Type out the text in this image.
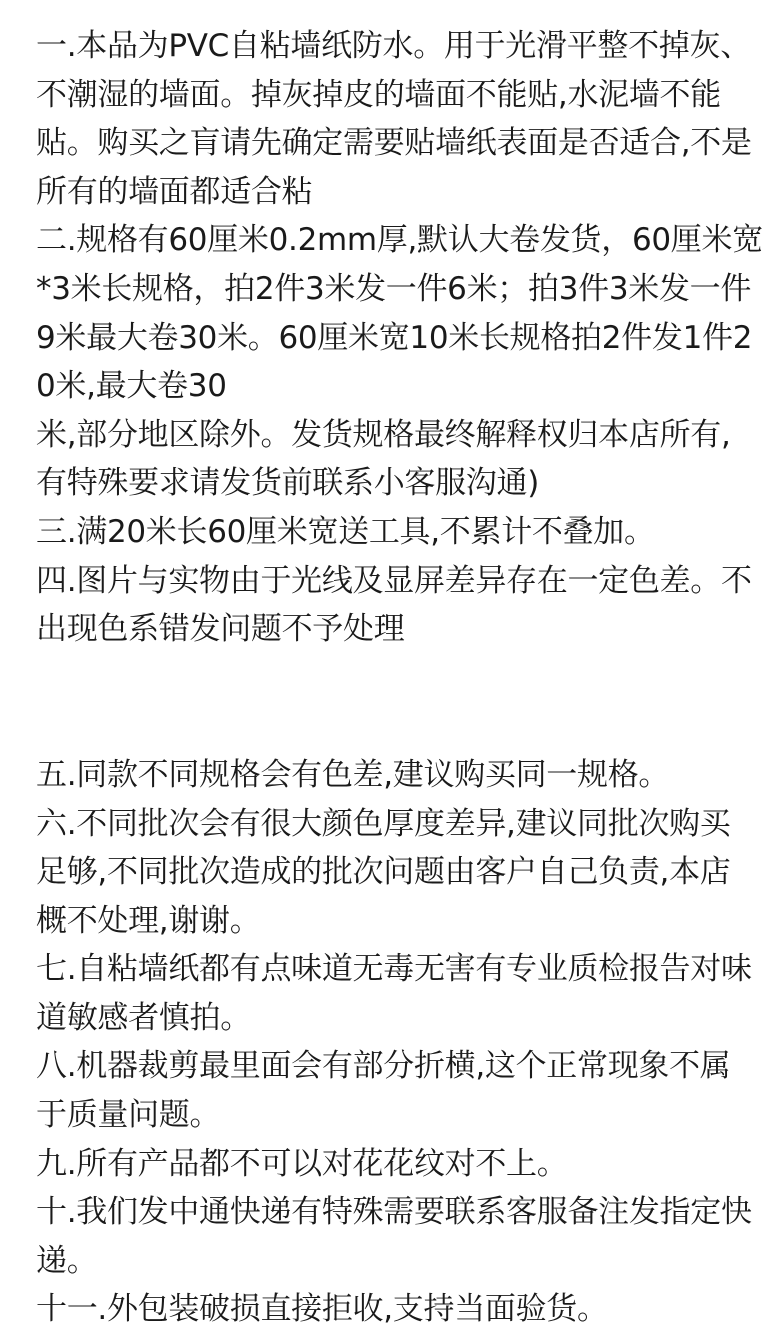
一.本品为PVC自粘墙纸防水。用于光滑平整不掉灰、
不潮湿的墙面。掉灰掉皮的墙面不能贴,水泥墙不能
贴。购买之肓请先确定需要贴墙纸表面是否适合,不是
所有的墙面都适合粘
二.规格有60厘米0.2mm厚,默认大卷发货，60厘米宽
*3米长规格，拍2件3米发一件6米；拍3件3米发一件
9米最大卷30米。60厘米宽10米长规格拍2件发1件2
0米,最大卷30
米,部分地区除外。发货规格最终解释权归本店所有,
有特殊要求请发货前联系小客服沟通)
三.满20米长60厘米宽送工具,不累计不叠加。
四.图片与实物由于光线及显屏差异存在一定色差。不
出现色系错发问题不予处理
五.同款不同规格会有色差,建议购买同一规格。
六.不同批次会有很大颜色厚度差异,建议同批次购买
足够,不同批次造成的批次问题由客户自己负责,本店
概不处理,谢谢。
七.自粘墙纸都有点味道无毒无害有专业质检报告对味
道敏感者慎拍。
八.机器裁剪最里面会有部分折横,这个正常现象不属
于质量问题。
九.所有产品都不可以对花花纹对不上。
十.我们发中通快递有特殊需要联系客服备注发指定快
递。
十一.外包装破损直接拒收,支持当面验货。
